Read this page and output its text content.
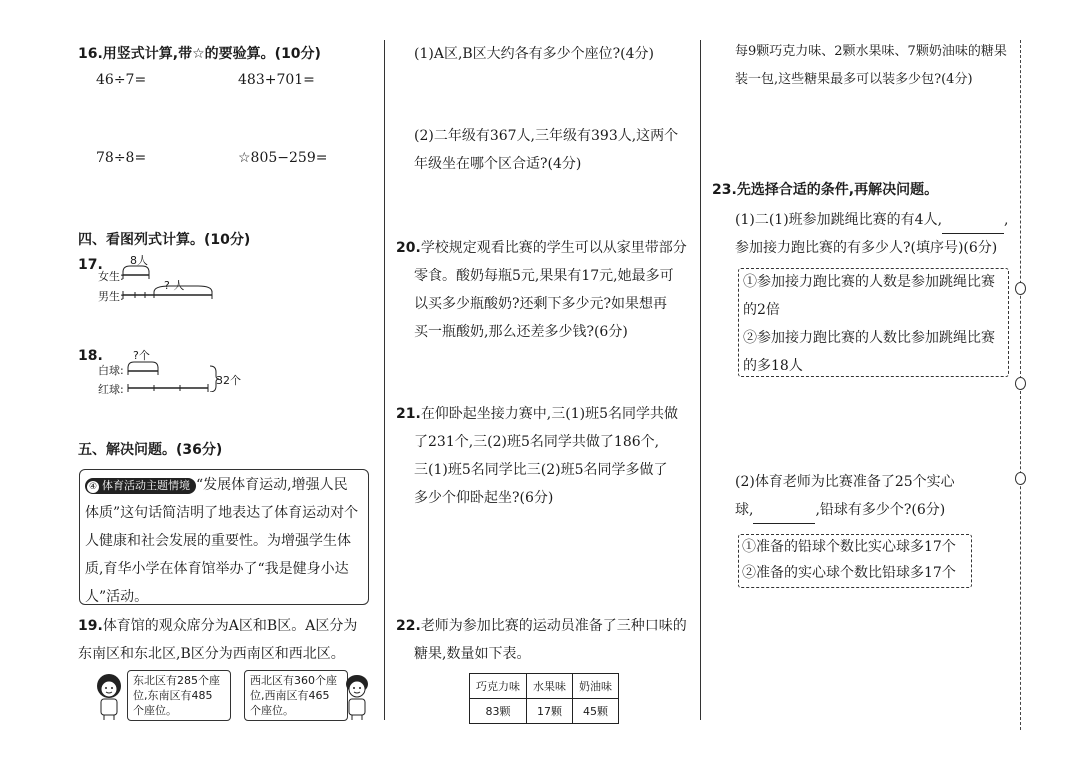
16.用竖式计算,带☆的要验算。(10分)
46÷7=	483+701=
78÷8=	☆805−259=
四、看图列式计算。(10分)
17.
女生:
男生:
8人
? 人
18.
白球:
红球:
?个
32个
五、解决问题。(36分)
④ 体育活动主题情境 “发展体育运动,增强人民
体质”这句话简洁明了地表达了体育运动对个
人健康和社会发展的重要性。为增强学生体
质,育华小学在体育馆举办了“我是健身小达
人”活动。
19.体育馆的观众席分为A区和B区。A区分为
东南区和东北区,B区分为西南区和西北区。
东北区有285个座
位,东南区有485
个座位。
西北区有360个座
位,西南区有465
个座位。
(1)A区,B区大约各有多少个座位?(4分)
(2)二年级有367人,三年级有393人,这两个
年级坐在哪个区合适?(4分)
20.学校规定观看比赛的学生可以从家里带部分
零食。酸奶每瓶5元,果果有17元,她最多可
以买多少瓶酸奶?还剩下多少元?如果想再
买一瓶酸奶,那么还差多少钱?(6分)
21.在仰卧起坐接力赛中,三(1)班5名同学共做
了231个,三(2)班5名同学共做了186个,
三(1)班5名同学比三(2)班5名同学多做了
多少个仰卧起坐?(6分)
22.老师为参加比赛的运动员准备了三种口味的
糖果,数量如下表。
巧克力味	水果味	奶油味
83颗	17颗	45颗
每9颗巧克力味、2颗水果味、7颗奶油味的糖果
装一包,这些糖果最多可以装多少包?(4分)
23.先选择合适的条件,再解决问题。
(1)二(1)班参加跳绳比赛的有4人,	,
参加接力跑比赛的有多少人?(填序号)(6分)
①参加接力跑比赛的人数是参加跳绳比赛
的2倍
②参加接力跑比赛的人数比参加跳绳比赛
的多18人
(2)体育老师为比赛准备了25个实心
球,	,铅球有多少个?(6分)
①准备的铅球个数比实心球多17个
②准备的实心球个数比铅球多17个
